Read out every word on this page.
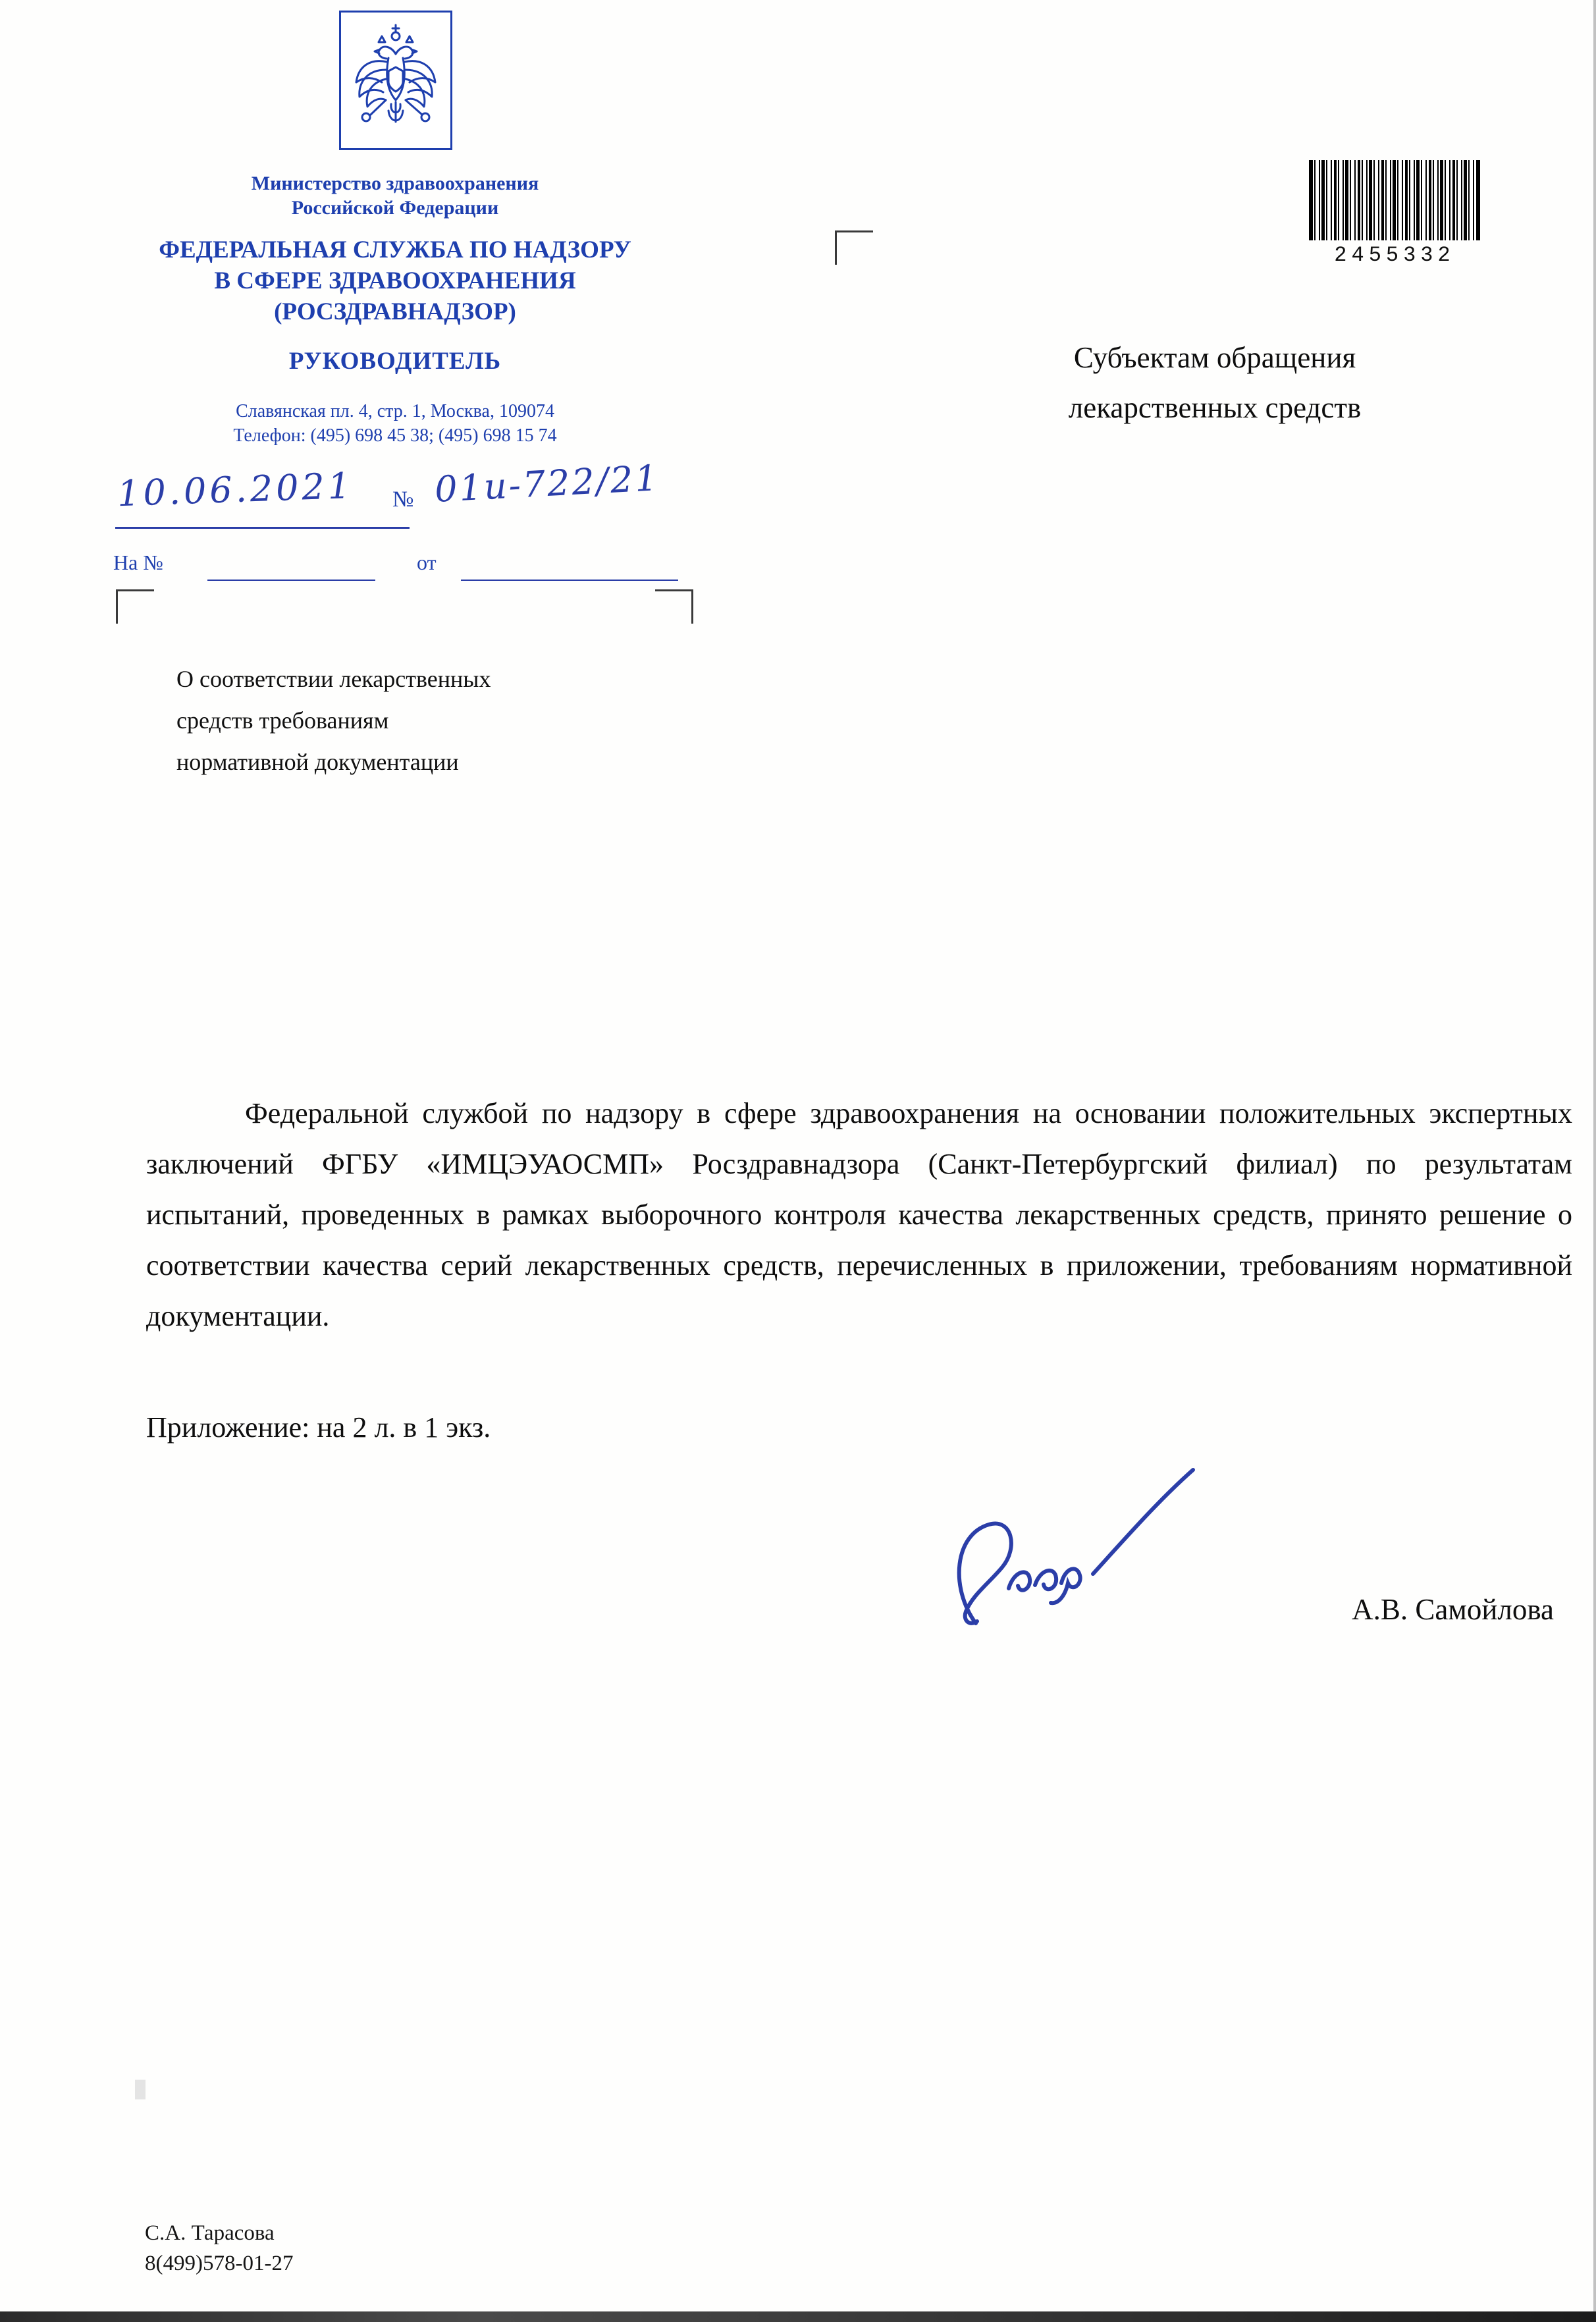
Министерство здравоохранения
Российской Федерации
ФЕДЕРАЛЬНАЯ СЛУЖБА ПО НАДЗОРУ
В СФЕРЕ ЗДРАВООХРАНЕНИЯ
(РОСЗДРАВНАДЗОР)
РУКОВОДИТЕЛЬ
Славянская пл. 4, стр. 1, Москва, 109074
Телефон: (495) 698 45 38; (495) 698 15 74
10.06.2021 № 01и-722/21
На №	от
О соответствии лекарственных
средств требованиям
нормативной документации
2455332
Субъектам обращения
лекарственных средств
Федеральной службой по надзору в сфере здравоохранения на основании положительных экспертных заключений ФГБУ «ИМЦЭУАОСМП» Росздравнадзора (Санкт-Петербургский филиал) по результатам испытаний, проведенных в рамках выборочного контроля качества лекарственных средств, принято решение о соответствии качества серий лекарственных средств, перечисленных в приложении, требованиям нормативной документации.
Приложение: на 2 л. в 1 экз.
А.В. Самойлова
С.А. Тарасова
8(499)578-01-27
